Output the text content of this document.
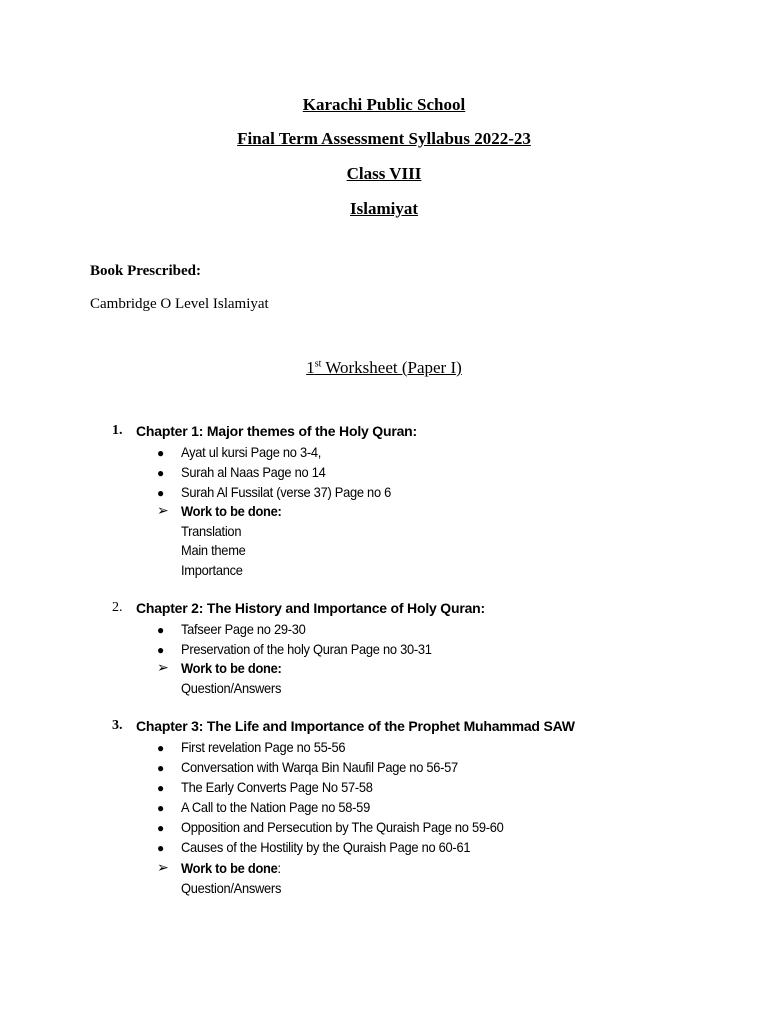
Karachi Public School
Final Term Assessment Syllabus 2022-23
Class VIII
Islamiyat
Book Prescribed:
Cambridge O Level Islamiyat
1st Worksheet (Paper I)
1. Chapter 1: Major themes of the Holy Quran:
● Ayat ul kursi Page no 3-4,
● Surah al Naas Page no 14
● Surah Al Fussilat (verse 37) Page no 6
➢ Work to be done:
Translation
Main theme
Importance
2. Chapter 2: The History and Importance of Holy Quran:
● Tafseer Page no 29-30
● Preservation of the holy Quran Page no 30-31
➢ Work to be done:
Question/Answers
3. Chapter 3: The Life and Importance of the Prophet Muhammad SAW
● First revelation Page no 55-56
● Conversation with Warqa Bin Naufil Page no 56-57
● The Early Converts Page No 57-58
● A Call to the Nation Page no 58-59
● Opposition and Persecution by The Quraish Page no 59-60
● Causes of the Hostility by the Quraish Page no 60-61
➢ Work to be done:
Question/Answers
